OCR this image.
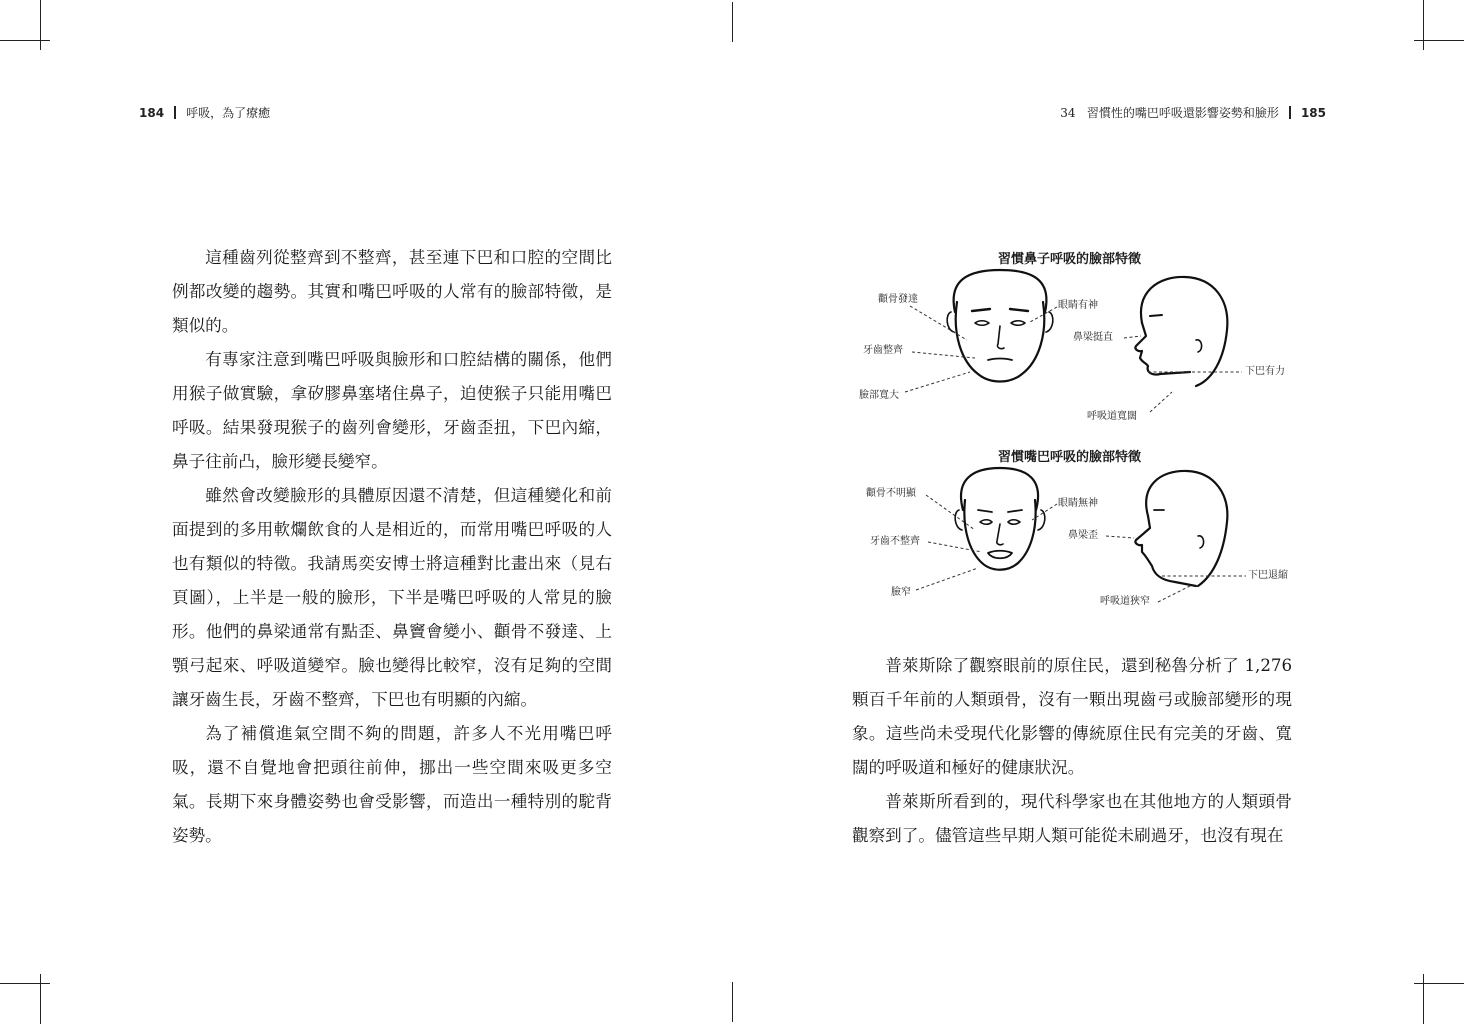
184 呼吸，為了療癒	34 習慣性的嘴巴呼吸還影響姿勢和臉形 185

這種齒列從整齊到不整齊，甚至連下巴和口腔的空間比例都改變的趨勢。其實和嘴巴呼吸的人常有的臉部特徵，是類似的。

有專家注意到嘴巴呼吸與臉形和口腔結構的關係，他們用猴子做實驗，拿矽膠鼻塞堵住鼻子，迫使猴子只能用嘴巴呼吸。結果發現猴子的齒列會變形，牙齒歪扭，下巴內縮，鼻子往前凸，臉形變長變窄。

雖然會改變臉形的具體原因還不清楚，但這種變化和前面提到的多用軟爛飲食的人是相近的，而常用嘴巴呼吸的人也有類似的特徵。我請馬奕安博士將這種對比畫出來（見右頁圖），上半是一般的臉形，下半是嘴巴呼吸的人常見的臉形。他們的鼻梁通常有點歪、鼻竇會變小、顴骨不發達、上顎弓起來、呼吸道變窄。臉也變得比較窄，沒有足夠的空間讓牙齒生長，牙齒不整齊，下巴也有明顯的內縮。

為了補償進氣空間不夠的問題，許多人不光用嘴巴呼吸，還不自覺地會把頭往前伸，挪出一些空間來吸更多空氣。長期下來身體姿勢也會受影響，而造出一種特別的駝背姿勢。

習慣鼻子呼吸的臉部特徵
顴骨發達
眼睛有神
牙齒整齊
鼻梁挺直
下巴有力
臉部寬大
呼吸道寬闊
習慣嘴巴呼吸的臉部特徵
顴骨不明顯
眼睛無神
鼻梁歪
牙齒不整齊
下巴退縮
臉窄
呼吸道狹窄

普萊斯除了觀察眼前的原住民，還到秘魯分析了 1,276 顆百千年前的人類頭骨，沒有一顆出現齒弓或臉部變形的現象。這些尚未受現代化影響的傳統原住民有完美的牙齒、寬闊的呼吸道和極好的健康狀況。

普萊斯所看到的，現代科學家也在其他地方的人類頭骨觀察到了。儘管這些早期人類可能從未刷過牙，也沒有現在
